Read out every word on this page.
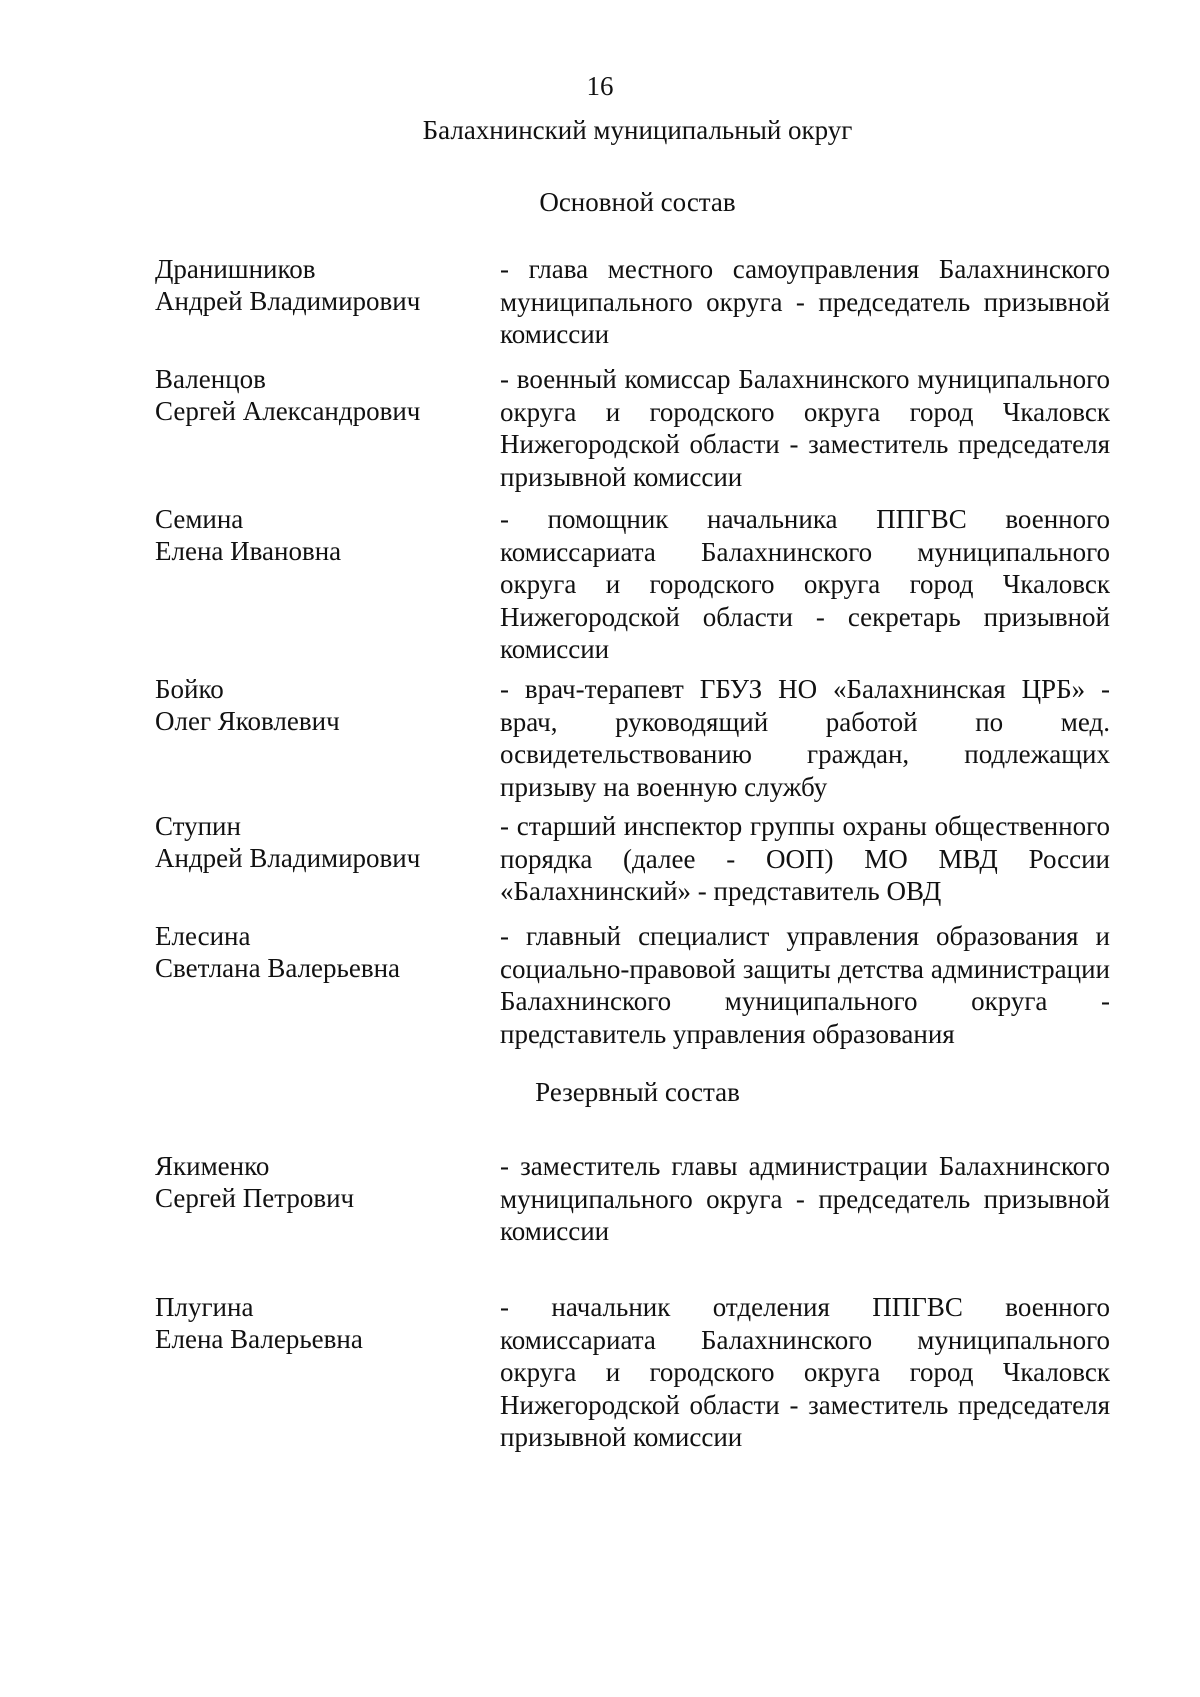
16
Балахнинский муниципальный округ
Основной состав
Дранишников
Андрей Владимирович
- глава местного самоуправления Балахнинского муниципального округа - председатель призывной комиссии
Валенцов
Сергей Александрович
- военный комиссар Балахнинского муниципального округа и городского округа город Чкаловск Нижегородской области - заместитель председателя призывной комиссии
Семина
Елена Ивановна
- помощник начальника ППГВС военного комиссариата Балахнинского муниципального округа и городского округа город Чкаловск Нижегородской области - секретарь призывной комиссии
Бойко
Олег Яковлевич
- врач-терапевт ГБУЗ НО «Балахнинская ЦРБ» - врач, руководящий работой по мед. освидетельствованию граждан, подлежащих призыву на военную службу
Ступин
Андрей Владимирович
- старший инспектор группы охраны общественного порядка (далее - ООП) МО МВД России «Балахнинский» - представитель ОВД
Елесина
Светлана Валерьевна
- главный специалист управления образования и социально-правовой защиты детства администрации Балахнинского муниципального округа - представитель управления образования
Резервный состав
Якименко
Сергей Петрович
- заместитель главы администрации Балахнинского муниципального округа - председатель призывной комиссии
Плугина
Елена Валерьевна
- начальник отделения ППГВС военного комиссариата Балахнинского муниципального округа и городского округа город Чкаловск Нижегородской области - заместитель председателя призывной комиссии
